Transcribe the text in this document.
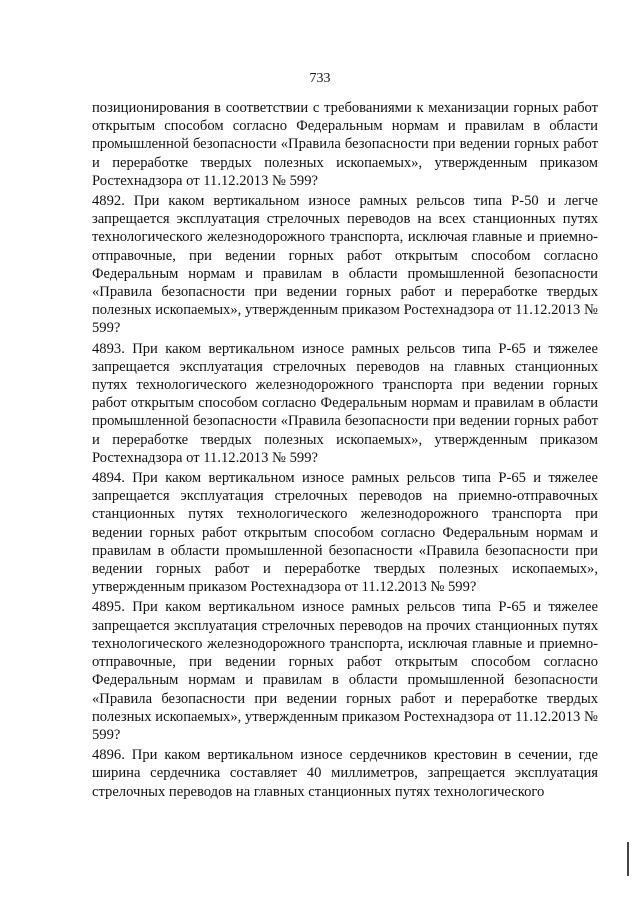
733

позиционирования в соответствии с требованиями к механизации горных работ открытым способом согласно Федеральным нормам и правилам в области промышленной безопасности «Правила безопасности при ведении горных работ и переработке твердых полезных ископаемых», утвержденным приказом Ростехнадзора от 11.12.2013 № 599?

4892. При каком вертикальном износе рамных рельсов типа Р-50 и легче запрещается эксплуатация стрелочных переводов на всех станционных путях технологического железнодорожного транспорта, исключая главные и приемно-отправочные, при ведении горных работ открытым способом согласно Федеральным нормам и правилам в области промышленной безопасности «Правила безопасности при ведении горных работ и переработке твердых полезных ископаемых», утвержденным приказом Ростехнадзора от 11.12.2013 № 599?

4893. При каком вертикальном износе рамных рельсов типа Р-65 и тяжелее запрещается эксплуатация стрелочных переводов на главных станционных путях технологического железнодорожного транспорта при ведении горных работ открытым способом согласно Федеральным нормам и правилам в области промышленной безопасности «Правила безопасности при ведении горных работ и переработке твердых полезных ископаемых», утвержденным приказом Ростехнадзора от 11.12.2013 № 599?

4894. При каком вертикальном износе рамных рельсов типа Р-65 и тяжелее запрещается эксплуатация стрелочных переводов на приемно-отправочных станционных путях технологического железнодорожного транспорта при ведении горных работ открытым способом согласно Федеральным нормам и правилам в области промышленной безопасности «Правила безопасности при ведении горных работ и переработке твердых полезных ископаемых», утвержденным приказом Ростехнадзора от 11.12.2013 № 599?

4895. При каком вертикальном износе рамных рельсов типа Р-65 и тяжелее запрещается эксплуатация стрелочных переводов на прочих станционных путях технологического железнодорожного транспорта, исключая главные и приемно-отправочные, при ведении горных работ открытым способом согласно Федеральным нормам и правилам в области промышленной безопасности «Правила безопасности при ведении горных работ и переработке твердых полезных ископаемых», утвержденным приказом Ростехнадзора от 11.12.2013 № 599?

4896. При каком вертикальном износе сердечников крестовин в сечении, где ширина сердечника составляет 40 миллиметров, запрещается эксплуатация стрелочных переводов на главных станционных путях технологического
